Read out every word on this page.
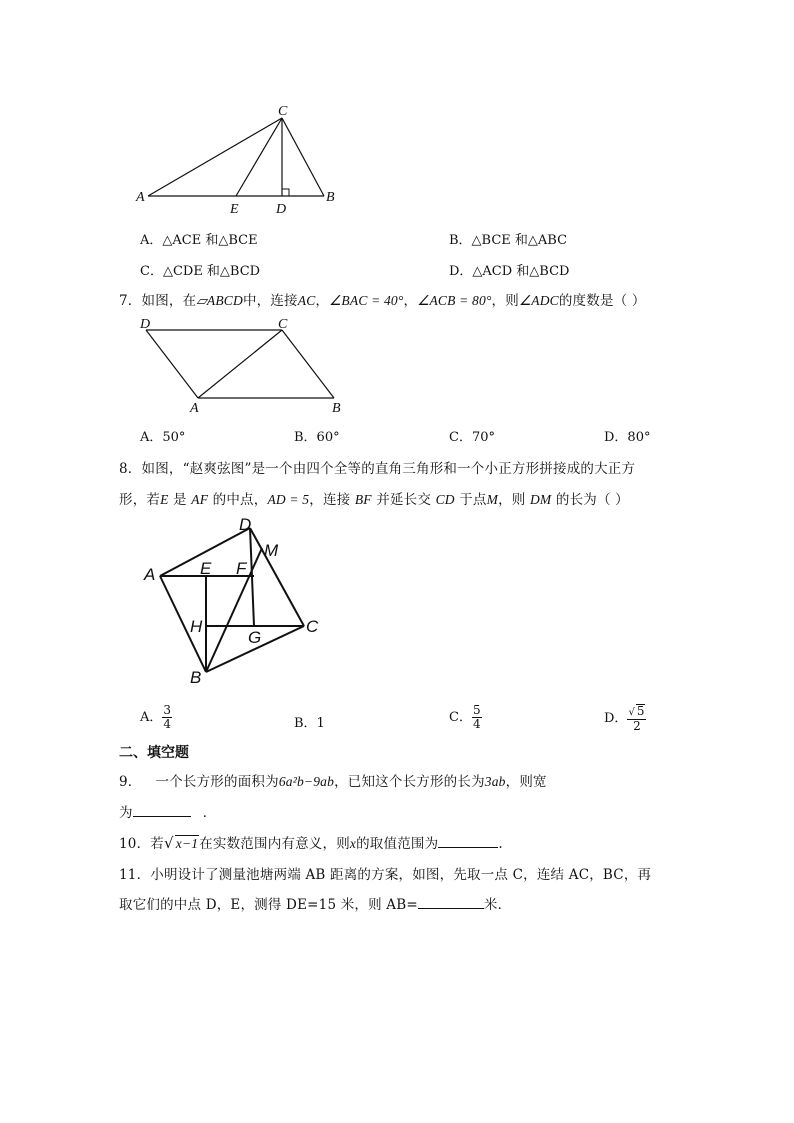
A	B
C
D
E
A．△ACE 和△BCE	B．△BCE 和△ABC
C．△CDE 和△BCD	D．△ACD 和△BCD
7．如图，在▱ABCD中，连接AC，∠BAC = 40°，∠ACB = 80°，则∠ADC的度数是（ ）
D	C
A	B
A．50°	B．60°	C．70°	D．80°
8．如图，“赵爽弦图”是一个由四个全等的直角三角形和一个小正方形拼接成的大正方
形，若E 是 AF 的中点，AD = 5，连接 BF 并延长交 CD 于点M，则 DM 的长为（ ）
A
D
M
E F
H
G
C
B
A． $\frac{3}{4}$	B．1	C． $\frac{5}{4}$	D． $\frac{√ 5}{2}$
二、填空题
9． 一个长方形的面积为6a²b−9ab，已知这个长方形的长为3ab，则宽
为	．
10．若√ x−1在实数范围内有意义，则x的取值范围为	.
11．小明设计了测量池塘两端 AB 距离的方案，如图，先取一点 C，连结 AC，BC，再
取它们的中点 D，E，测得 DE=15 米，则 AB=	米．
